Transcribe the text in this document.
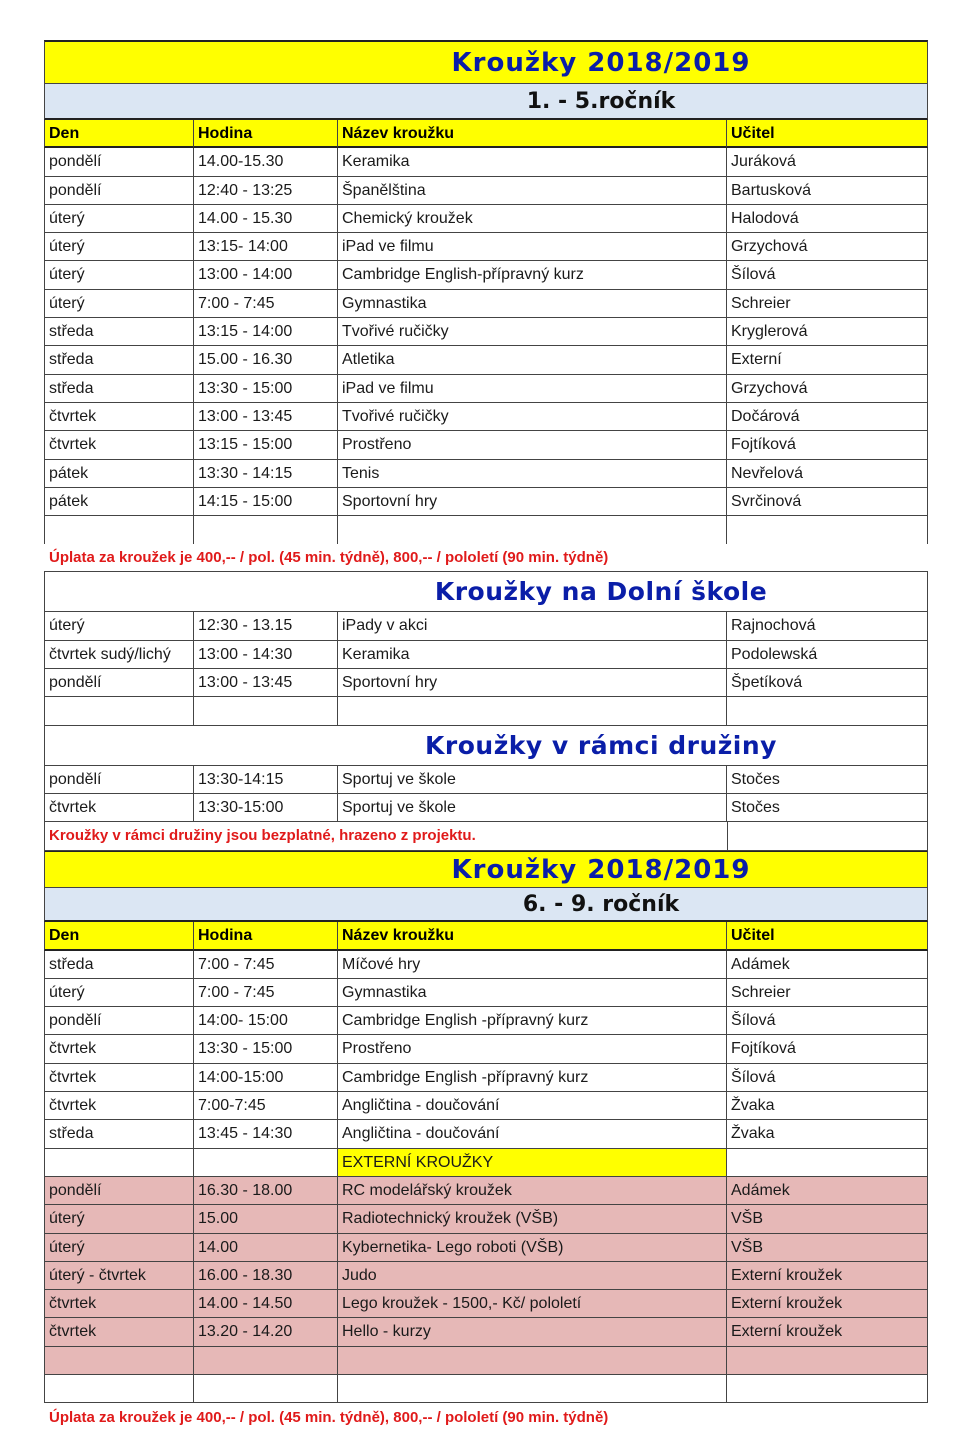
Kroužky 2018/2019
1. - 5.ročník
Den	Hodina	Název kroužku	Učitel
pondělí	14.00-15.30	Keramika	Juráková
pondělí	12:40 - 13:25	Španělština	Bartusková
úterý	14.00 - 15.30	Chemický kroužek	Halodová
úterý	13:15- 14:00	iPad ve filmu	Grzychová
úterý	13:00 - 14:00	Cambridge English-přípravný kurz	Šílová
úterý	7:00 - 7:45	Gymnastika	Schreier
středa	13:15 - 14:00	Tvořivé ručičky	Kryglerová
středa	15.00 - 16.30	Atletika	Externí
středa	13:30 - 15:00	iPad ve filmu	Grzychová
čtvrtek	13:00 - 13:45	Tvořivé ručičky	Dočárová
čtvrtek	13:15 - 15:00	Prostřeno	Fojtíková
pátek	13:30 - 14:15	Tenis	Nevřelová
pátek	14:15 - 15:00	Sportovní hry	Svrčinová
Úplata za kroužek je 400,-- / pol. (45 min. týdně), 800,-- / pololetí (90 min. týdně)
Kroužky na Dolní škole
úterý	12:30 - 13.15	iPady v akci	Rajnochová
čtvrtek sudý/lichý	13:00 - 14:30	Keramika	Podolewská
pondělí	13:00 - 13:45	Sportovní hry	Špetíková
Kroužky v rámci družiny
pondělí	13:30-14:15	Sportuj ve škole	Stočes
čtvrtek	13:30-15:00	Sportuj ve škole	Stočes
Kroužky v rámci družiny jsou bezplatné, hrazeno z projektu.
Kroužky 2018/2019
6. - 9. ročník
Den	Hodina	Název kroužku	Učitel
středa	7:00 - 7:45	Míčové hry	Adámek
úterý	7:00 - 7:45	Gymnastika	Schreier
pondělí	14:00- 15:00	Cambridge English -přípravný kurz	Šílová
čtvrtek	13:30 - 15:00	Prostřeno	Fojtíková
čtvrtek	14:00-15:00	Cambridge English -přípravný kurz	Šílová
čtvrtek	7:00-7:45	Angličtina - doučování	Žvaka
středa	13:45 - 14:30	Angličtina - doučování	Žvaka
EXTERNÍ KROUŽKY
pondělí	16.30 - 18.00	RC modelářský kroužek	Adámek
úterý	15.00	Radiotechnický kroužek (VŠB)	VŠB
úterý	14.00	Kybernetika- Lego roboti (VŠB)	VŠB
úterý - čtvrtek	16.00 - 18.30	Judo	Externí kroužek
čtvrtek	14.00 - 14.50	Lego kroužek - 1500,- Kč/ pololetí	Externí kroužek
čtvrtek	13.20 - 14.20	Hello - kurzy	Externí kroužek
Úplata za kroužek je 400,-- / pol. (45 min. týdně), 800,-- / pololetí (90 min. týdně)
